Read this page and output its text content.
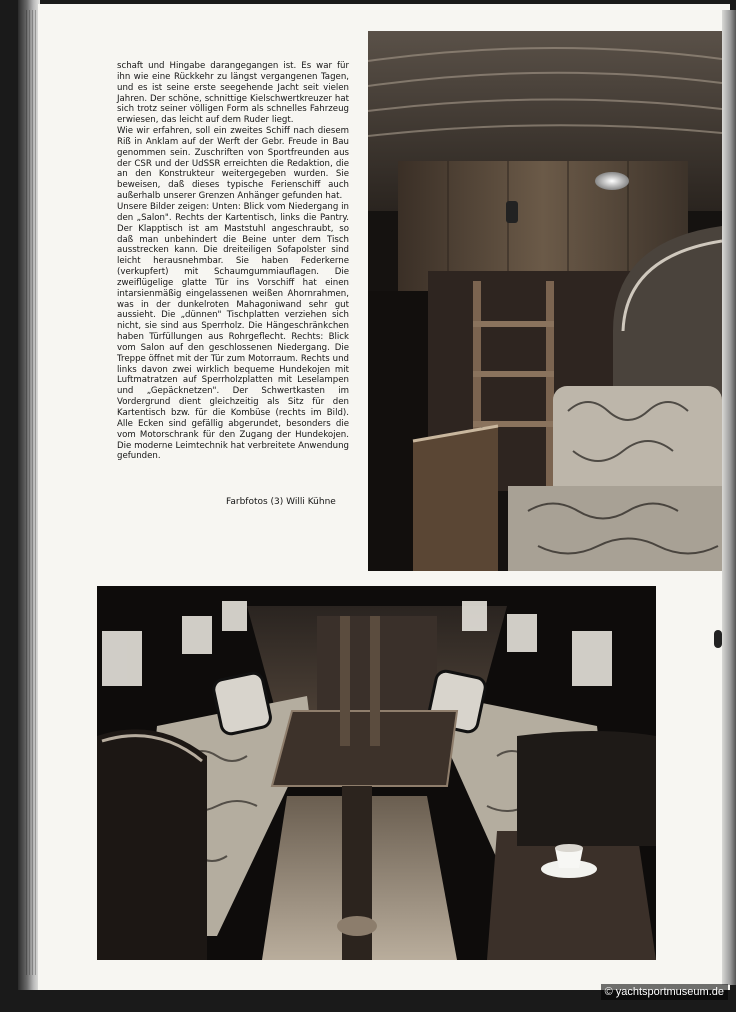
schaft und Hingabe darangegangen ist. Es war für ihn wie eine Rückkehr zu längst vergangenen Tagen, und es ist seine erste seegehende Jacht seit vielen Jahren. Der schöne, schnittige Kielschwertkreuzer hat sich trotz seiner völligen Form als schnelles Fahrzeug erwiesen, das leicht auf dem Ruder liegt.

Wie wir erfahren, soll ein zweites Schiff nach diesem Riß in Anklam auf der Werft der Gebr. Freude in Bau genommen sein. Zuschriften von Sportfreunden aus der CSR und der UdSSR erreichten die Redaktion, die an den Konstrukteur weitergegeben wurden. Sie beweisen, daß dieses typische Ferienschiff auch außerhalb unserer Grenzen Anhänger gefunden hat.

Unsere Bilder zeigen: Unten: Blick vom Niedergang in den „Salon". Rechts der Kartentisch, links die Pantry. Der Klapptisch ist am Maststuhl angeschraubt, so daß man unbehindert die Beine unter dem Tisch ausstrecken kann. Die dreiteiligen Sofapolster sind leicht herausnehmbar. Sie haben Federkerne (verkupfert) mit Schaumgummiauflagen. Die zweiflügelige glatte Tür ins Vorschiff hat einen intarsienmäßig eingelassenen weißen Ahornrahmen, was in der dunkelroten Mahagoniwand sehr gut aussieht. Die „dünnen" Tischplatten verziehen sich nicht, sie sind aus Sperrholz. Die Hängeschränkchen haben Türfüllungen aus Rohrgeflecht. Rechts: Blick vom Salon auf den geschlossenen Niedergang. Die Treppe öffnet mit der Tür zum Motorraum. Rechts und links davon zwei wirklich bequeme Hundekojen mit Luftmatratzen auf Sperrholzplatten mit Leselampen und „Gepäcknetzen". Der Schwertkasten im Vordergrund dient gleichzeitig als Sitz für den Kartentisch bzw. für die Kombüse (rechts im Bild). Alle Ecken sind gefällig abgerundet, besonders die vom Motorschrank für den Zugang der Hundekojen. Die moderne Leimtechnik hat verbreitete Anwendung gefunden.

Farbfotos (3) Willi Kühne
© yachtsportmuseum.de
